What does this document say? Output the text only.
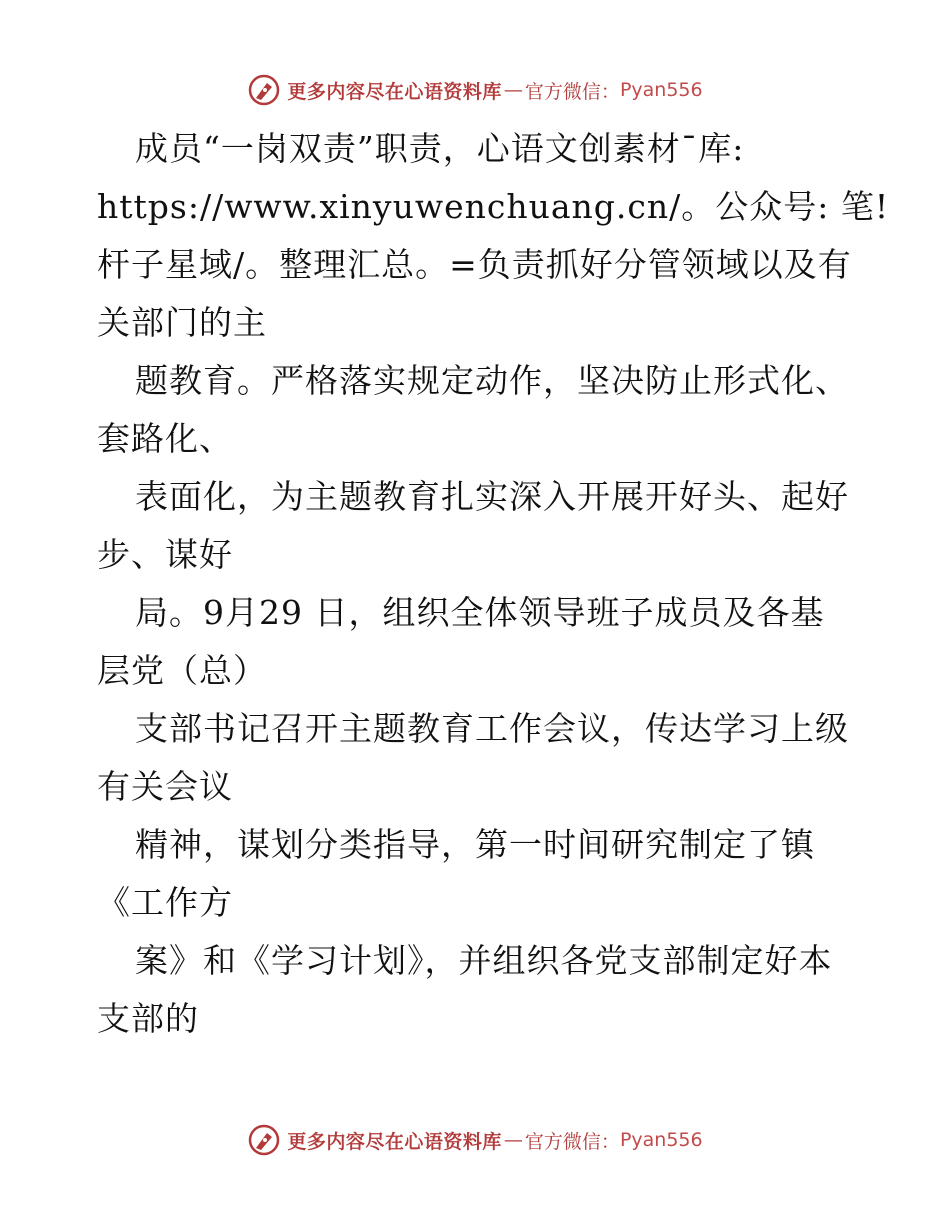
更多内容尽在心语资料库 — 官方微信： Pyan556
成员“一岗双责”职责，心语文创素材¯库:
https://www.xinyuwenchuang.cn/。公众号: 笔!
杆子星域/。整理汇总。=负责抓好分管领域以及有
关部门的主
题教育。严格落实规定动作，坚决防止形式化、
套路化、
表面化，为主题教育扎实深入开展开好头、起好
步、谋好
局。9月29 日，组织全体领导班子成员及各基
层党（总）
支部书记召开主题教育工作会议，传达学习上级
有关会议
精神，谋划分类指导，第一时间研究制定了镇
《工作方
案》和《学习计划》，并组织各党支部制定好本
支部的
更多内容尽在心语资料库 — 官方微信： Pyan556
